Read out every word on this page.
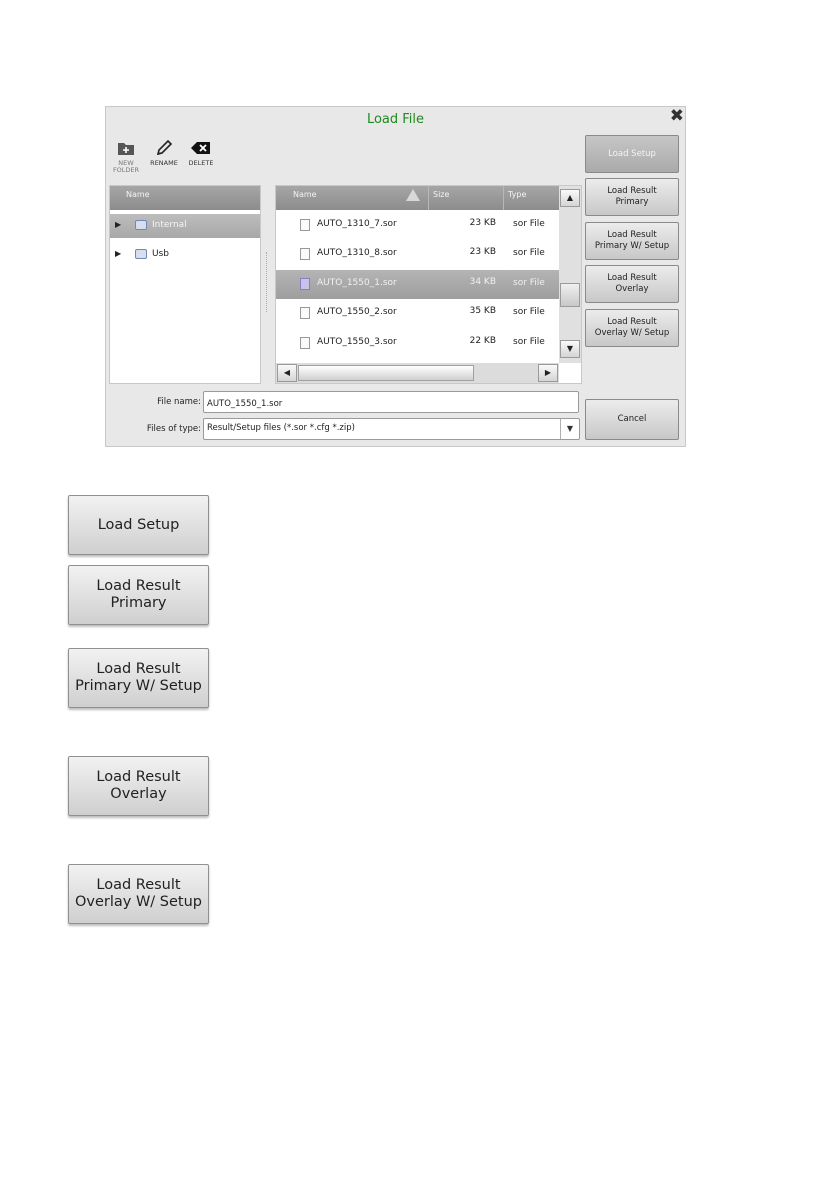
Load File	✖
NEW
FOLDER
RENAME	DELETE
Name
▶	Internal
▶	Usb
Name	Size	Type
AUTO_1310_7.sor	23 KB sor File
AUTO_1310_8.sor	23 KB sor File
AUTO_1550_1.sor	34 KB sor File
AUTO_1550_2.sor	35 KB sor File
AUTO_1550_3.sor	22 KB sor File
▲
▼
◀	▶
File name:
AUTO_1550_1.sor
Files of type: Result/Setup files (*.sor *.cfg *.zip)	▼
Load Setup
Load Result
Primary
Load Result
Primary W/ Setup
Load Result
Overlay
Load Result
Overlay W/ Setup
Cancel
Load Setup
Load Result
Primary
Load Result
Primary W/ Setup
Load Result
Overlay
Load Result
Overlay W/ Setup
